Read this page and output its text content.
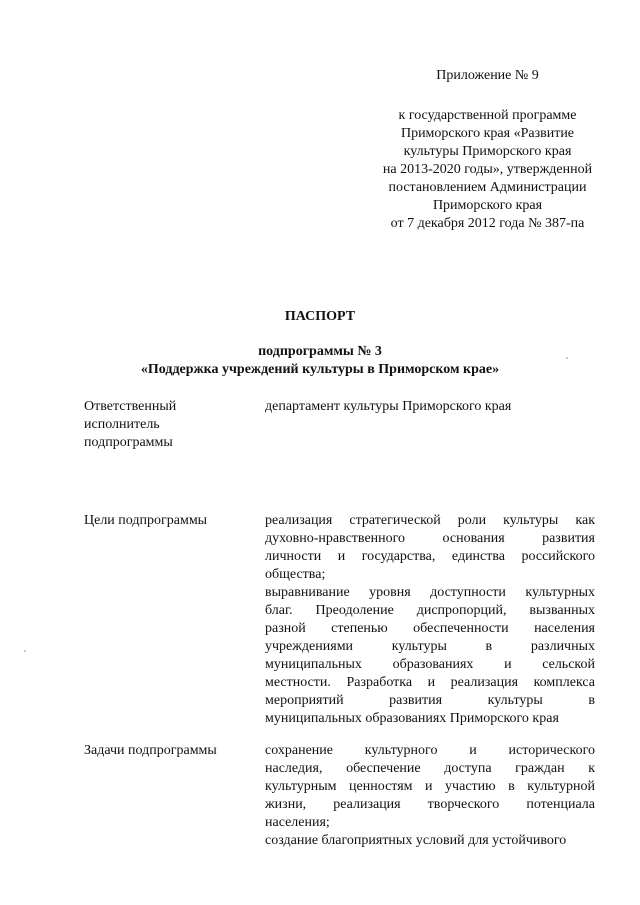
Приложение № 9
к государственной программе
Приморского края «Развитие
культуры Приморского края
на 2013-2020 годы», утвержденной
постановлением Администрации
Приморского края
от 7 декабря 2012 года № 387-па
ПАСПОРТ
подпрограммы № 3
«Поддержка учреждений культуры в Приморском крае»
Ответственный
исполнитель
подпрограммы
департамент культуры Приморского края
Цели подпрограммы	реализация стратегической роли культуры как
духовно-нравственного основания развития
личности и государства, единства российского
общества;
выравнивание уровня доступности культурных
благ. Преодоление диспропорций, вызванных
разной степенью обеспеченности населения
учреждениями культуры в различных
муниципальных образованиях и сельской
местности. Разработка и реализация комплекса
мероприятий развития культуры в
муниципальных образованиях Приморского края
Задачи подпрограммы	сохранение культурного и исторического
наследия, обеспечение доступа граждан к
культурным ценностям и участию в культурной
жизни, реализация творческого потенциала
населения;
создание благоприятных условий для устойчивого
